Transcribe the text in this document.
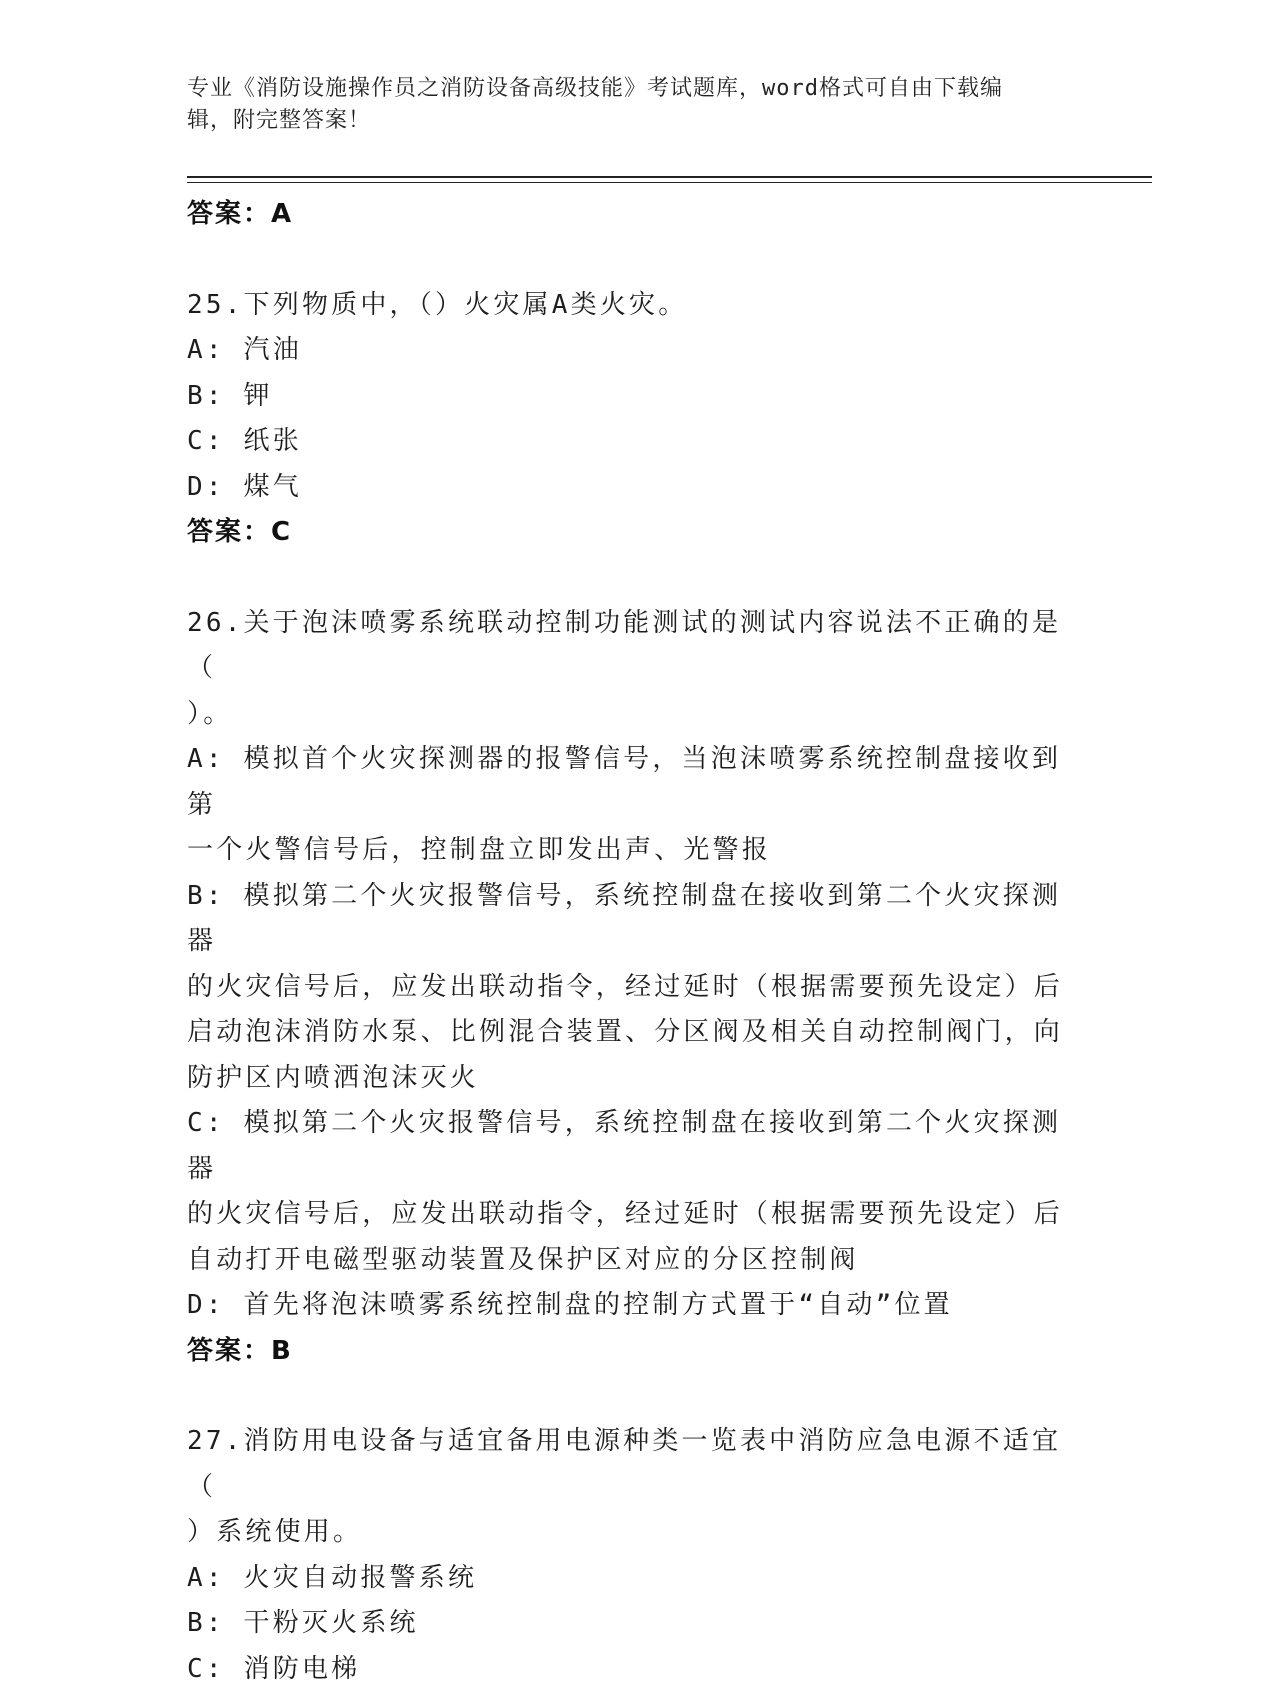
专业《消防设施操作员之消防设备高级技能》考试题库，word格式可自由下载编
辑，附完整答案！
答案：A
25.下列物质中，（）火灾属A类火灾。
A: 汽油
B: 钾
C: 纸张
D: 煤气
答案：C
26.关于泡沫喷雾系统联动控制功能测试的测试内容说法不正确的是（
）。
A: 模拟首个火灾探测器的报警信号，当泡沫喷雾系统控制盘接收到第
一个火警信号后，控制盘立即发出声、光警报
B: 模拟第二个火灾报警信号，系统控制盘在接收到第二个火灾探测器
的火灾信号后，应发出联动指令，经过延时（根据需要预先设定）后
启动泡沫消防水泵、比例混合装置、分区阀及相关自动控制阀门，向
防护区内喷洒泡沫灭火
C: 模拟第二个火灾报警信号，系统控制盘在接收到第二个火灾探测器
的火灾信号后，应发出联动指令，经过延时（根据需要预先设定）后
自动打开电磁型驱动装置及保护区对应的分区控制阀
D: 首先将泡沫喷雾系统控制盘的控制方式置于“自动”位置
答案：B
27.消防用电设备与适宜备用电源种类一览表中消防应急电源不适宜（
）系统使用。
A: 火灾自动报警系统
B: 干粉灭火系统
C: 消防电梯
